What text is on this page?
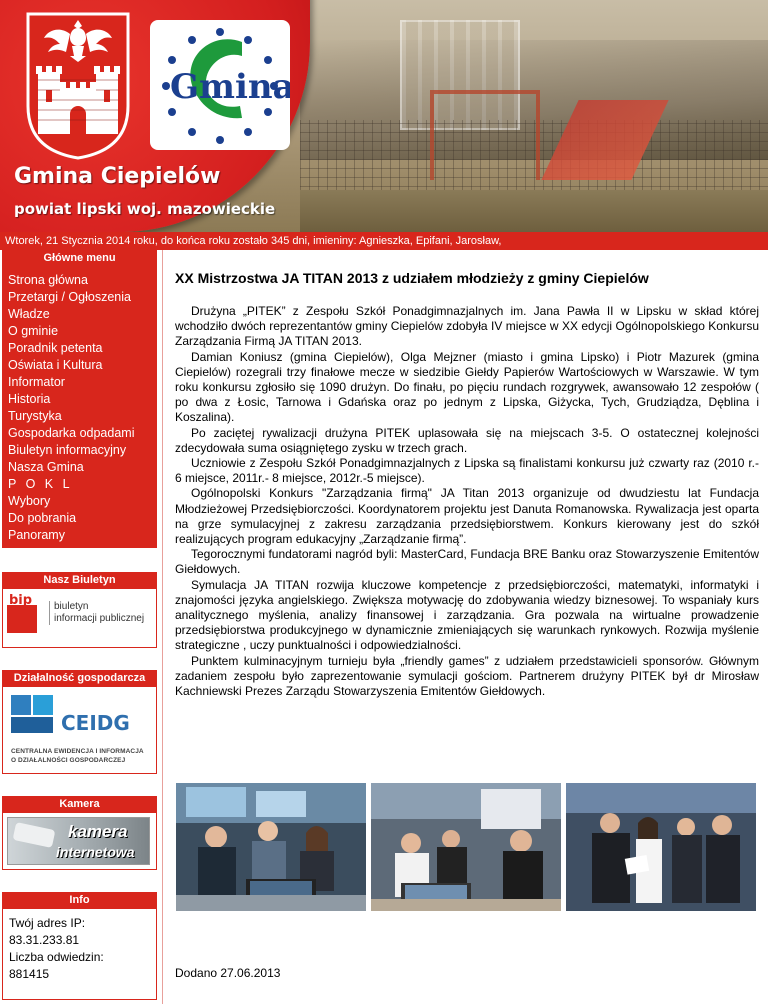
Gmina
Gmina Ciepielów
powiat lipski woj. mazowieckie
Wtorek, 21 Stycznia 2014 roku, do końca roku zostało 345 dni, imieniny: Agnieszka, Epifani, Jarosław,
Główne menu
Strona główna
Przetargi / Ogłoszenia
Władze
O gminie
Poradnik petenta
Oświata i Kultura
Informator
Historia
Turystyka
Gospodarka odpadami
Biuletyn informacyjny
Nasza Gmina
P O K L
Wybory
Do pobrania
Panoramy
Nasz Biuletyn
bip biuletyn
informacji publicznej
Działalność gospodarcza
CEIDG
CENTRALNA EWIDENCJA I INFORMACJA
O DZIAŁALNOŚCI GOSPODARCZEJ
Kamera
kamera
internetowa
Info
Twój adres IP:
83.31.233.81
Liczba odwiedzin:
881415
XX Mistrzostwa JA TITAN 2013 z udziałem młodzieży z gminy Ciepielów

Drużyna „PITEK” z Zespołu Szkół Ponadgimnazjalnych im. Jana Pawła II w Lipsku w skład której wchodziło dwóch reprezentantów gminy Ciepielów zdobyła IV miejsce w XX edycji Ogólnopolskiego Konkursu Zarządzania Firmą JA TITAN 2013.

Damian Koniusz (gmina Ciepielów), Olga Mejzner (miasto i gmina Lipsko) i Piotr Mazurek (gmina Ciepielów) rozegrali trzy finałowe mecze w siedzibie Giełdy Papierów Wartościowych w Warszawie. W tym roku konkursu zgłosiło się 1090 drużyn. Do finału, po pięciu rundach rozgrywek, awansowało 12 zespołów ( po dwa z Łosic, Tarnowa i Gdańska oraz po jednym z Lipska, Giżycka, Tych, Grudziądza, Dęblina i Koszalina).

Po zaciętej rywalizacji drużyna PITEK uplasowała się na miejscach 3-5. O ostatecznej kolejności zdecydowała suma osiągniętego zysku w trzech grach.

Uczniowie z Zespołu Szkół Ponadgimnazjalnych z Lipska są finalistami konkursu już czwarty raz (2010 r.- 6 miejsce, 2011r.- 8 miejsce, 2012r.-5 miejsce).

Ogólnopolski Konkurs "Zarządzania firmą" JA Titan 2013 organizuje od dwudziestu lat Fundacja Młodzieżowej Przedsiębiorczości. Koordynatorem projektu jest Danuta Romanowska. Rywalizacja jest oparta na grze symulacyjnej z zakresu zarządzania przedsiębiorstwem. Konkurs kierowany jest do szkół realizujących program edukacyjny „Zarządzanie firmą”.

Tegorocznymi fundatorami nagród byli: MasterCard, Fundacja BRE Banku oraz Stowarzyszenie Emitentów Giełdowych.

Symulacja JA TITAN rozwija kluczowe kompetencje z przedsiębiorczości, matematyki, informatyki i znajomości języka angielskiego. Zwiększa motywację do zdobywania wiedzy biznesowej. To wspaniały kurs analitycznego myślenia, analizy finansowej i zarządzania. Gra pozwala na wirtualne prowadzenie przedsiębiorstwa produkcyjnego w dynamicznie zmieniających się warunkach rynkowych. Rozwija myślenie strategiczne , uczy punktualności i odpowiedzialności.

Punktem kulminacyjnym turnieju była „friendly games” z udziałem przedstawicieli sponsorów. Głównym zadaniem zespołu było zaprezentowanie symulacji gościom. Partnerem drużyny PITEK był dr Mirosław Kachniewski Prezes Zarządu Stowarzyszenia Emitentów Giełdowych.

Dodano 27.06.2013
